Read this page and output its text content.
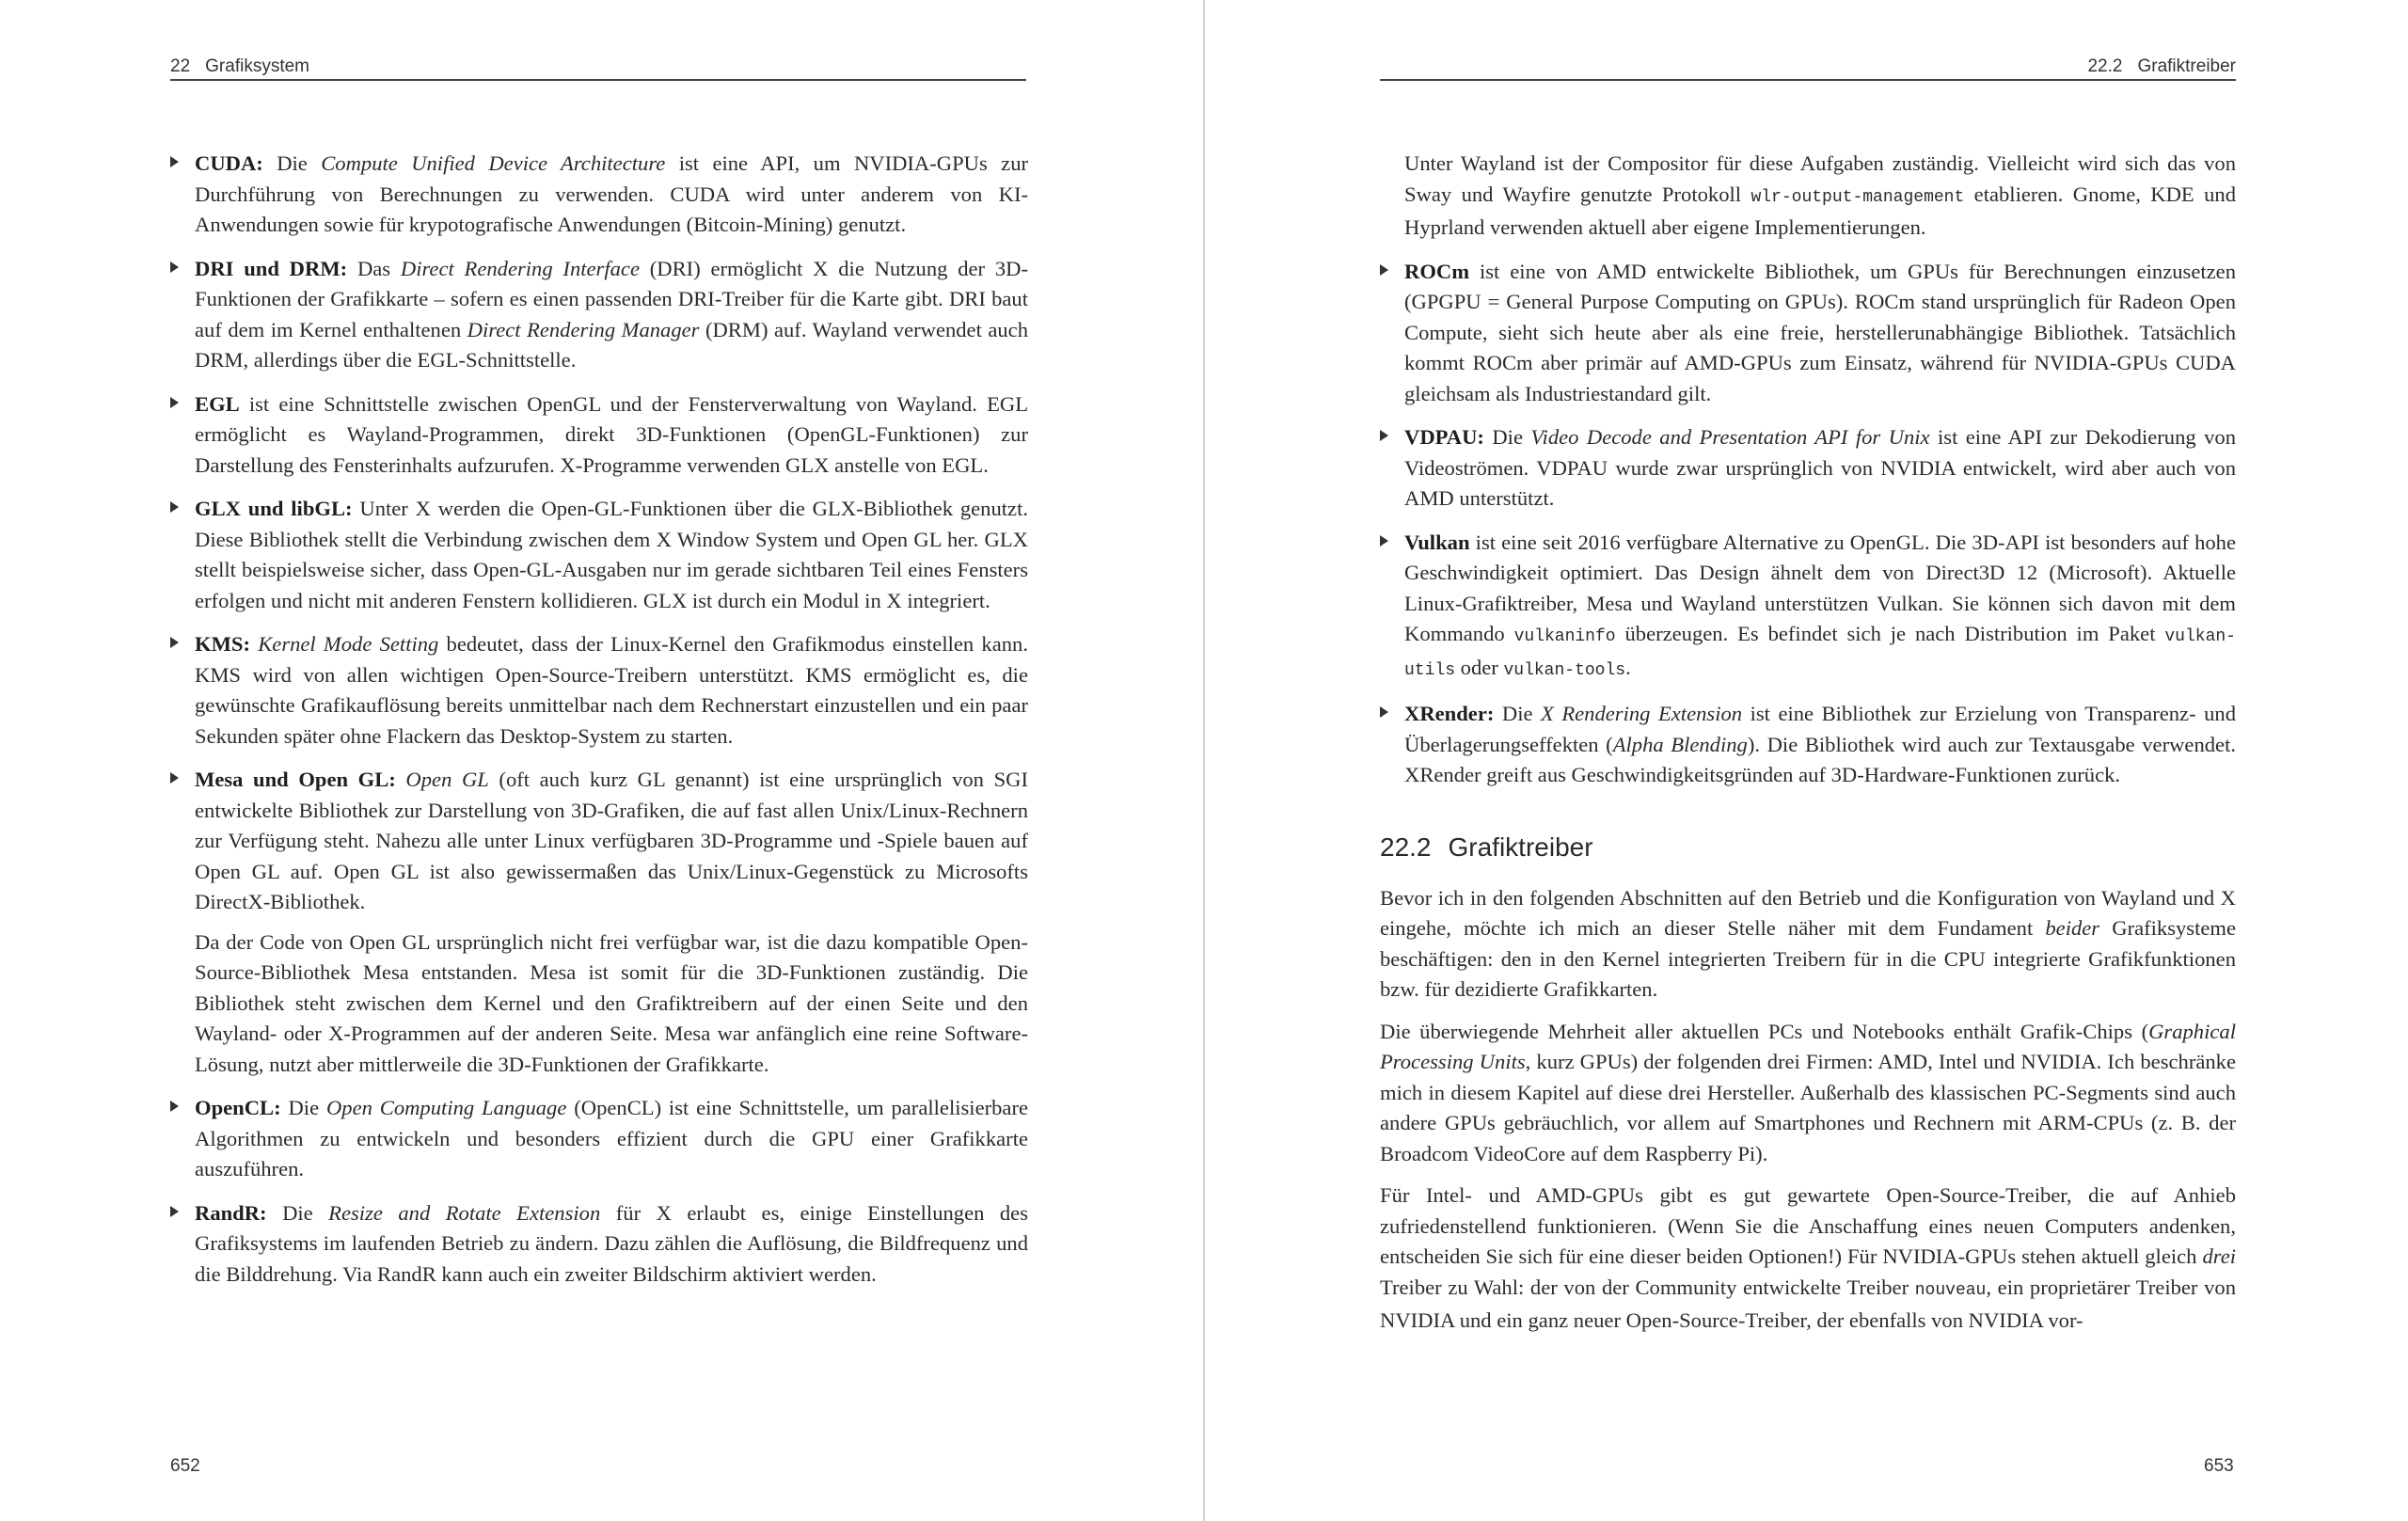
22 Grafiksystem

CUDA: Die Compute Unified Device Architecture ist eine API, um NVIDIA-GPUs zur Durchführung von Berechnungen zu verwenden. CUDA wird unter anderem von KI-Anwendungen sowie für krypotografische Anwendungen (Bitcoin-Mining) genutzt.

DRI und DRM: Das Direct Rendering Interface (DRI) ermöglicht X die Nutzung der 3D-Funktionen der Grafikkarte – sofern es einen passenden DRI-Treiber für die Karte gibt. DRI baut auf dem im Kernel enthaltenen Direct Rendering Manager (DRM) auf. Wayland verwendet auch DRM, allerdings über die EGL-Schnittstelle.

EGL ist eine Schnittstelle zwischen OpenGL und der Fensterverwaltung von Wayland. EGL ermöglicht es Wayland-Programmen, direkt 3D-Funktionen (OpenGL-Funktionen) zur Darstellung des Fensterinhalts aufzurufen. X-Programme verwenden GLX anstelle von EGL.

GLX und libGL: Unter X werden die Open-GL-Funktionen über die GLX-Bibliothek genutzt. Diese Bibliothek stellt die Verbindung zwischen dem X Window System und Open GL her. GLX stellt beispielsweise sicher, dass Open-GL-Ausgaben nur im gerade sichtbaren Teil eines Fensters erfolgen und nicht mit anderen Fenstern kollidieren. GLX ist durch ein Modul in X integriert.

KMS: Kernel Mode Setting bedeutet, dass der Linux-Kernel den Grafikmodus einstellen kann. KMS wird von allen wichtigen Open-Source-Treibern unterstützt. KMS ermöglicht es, die gewünschte Grafikauflösung bereits unmittelbar nach dem Rechnerstart einzustellen und ein paar Sekunden später ohne Flackern das Desktop-System zu starten.

Mesa und Open GL: Open GL (oft auch kurz GL genannt) ist eine ursprünglich von SGI entwickelte Bibliothek zur Darstellung von 3D-Grafiken, die auf fast allen Unix/Linux-Rechnern zur Verfügung steht. Nahezu alle unter Linux verfügbaren 3D-Programme und -Spiele bauen auf Open GL auf. Open GL ist also gewissermaßen das Unix/Linux-Gegenstück zu Microsofts DirectX-Bibliothek.

Da der Code von Open GL ursprünglich nicht frei verfügbar war, ist die dazu kompatible Open-Source-Bibliothek Mesa entstanden. Mesa ist somit für die 3D-Funktionen zuständig. Die Bibliothek steht zwischen dem Kernel und den Grafiktreibern auf der einen Seite und den Wayland- oder X-Programmen auf der anderen Seite. Mesa war anfänglich eine reine Software-Lösung, nutzt aber mittlerweile die 3D-Funktionen der Grafikkarte.

OpenCL: Die Open Computing Language (OpenCL) ist eine Schnittstelle, um parallelisierbare Algorithmen zu entwickeln und besonders effizient durch die GPU einer Grafikkarte auszuführen.

RandR: Die Resize and Rotate Extension für X erlaubt es, einige Einstellungen des Grafiksystems im laufenden Betrieb zu ändern. Dazu zählen die Auflösung, die Bildfrequenz und die Bilddrehung. Via RandR kann auch ein zweiter Bildschirm aktiviert werden.

652
22.2 Grafiktreiber

Unter Wayland ist der Compositor für diese Aufgaben zuständig. Vielleicht wird sich das von Sway und Wayfire genutzte Protokoll wlr-output-management etablieren. Gnome, KDE und Hyprland verwenden aktuell aber eigene Implementierungen.

ROCm ist eine von AMD entwickelte Bibliothek, um GPUs für Berechnungen einzusetzen (GPGPU = General Purpose Computing on GPUs). ROCm stand ursprünglich für Radeon Open Compute, sieht sich heute aber als eine freie, herstellerunabhängige Bibliothek. Tatsächlich kommt ROCm aber primär auf AMD-GPUs zum Einsatz, während für NVIDIA-GPUs CUDA gleichsam als Industriestandard gilt.

VDPAU: Die Video Decode and Presentation API for Unix ist eine API zur Dekodierung von Videoströmen. VDPAU wurde zwar ursprünglich von NVIDIA entwickelt, wird aber auch von AMD unterstützt.

Vulkan ist eine seit 2016 verfügbare Alternative zu OpenGL. Die 3D-API ist besonders auf hohe Geschwindigkeit optimiert. Das Design ähnelt dem von Direct3D 12 (Microsoft). Aktuelle Linux-Grafiktreiber, Mesa und Wayland unterstützen Vulkan. Sie können sich davon mit dem Kommando vulkaninfo überzeugen. Es befindet sich je nach Distribution im Paket vulkan-utils oder vulkan-tools.

XRender: Die X Rendering Extension ist eine Bibliothek zur Erzielung von Transparenz- und Überlagerungseffekten (Alpha Blending). Die Bibliothek wird auch zur Textausgabe verwendet. XRender greift aus Geschwindigkeitsgründen auf 3D-Hardware-Funktionen zurück.

22.2 Grafiktreiber

Bevor ich in den folgenden Abschnitten auf den Betrieb und die Konfiguration von Wayland und X eingehe, möchte ich mich an dieser Stelle näher mit dem Fundament beider Grafiksysteme beschäftigen: den in den Kernel integrierten Treibern für in die CPU integrierte Grafikfunktionen bzw. für dezidierte Grafikkarten.

Die überwiegende Mehrheit aller aktuellen PCs und Notebooks enthält Grafik-Chips (Graphical Processing Units, kurz GPUs) der folgenden drei Firmen: AMD, Intel und NVIDIA. Ich beschränke mich in diesem Kapitel auf diese drei Hersteller. Außerhalb des klassischen PC-Segments sind auch andere GPUs gebräuchlich, vor allem auf Smartphones und Rechnern mit ARM-CPUs (z. B. der Broadcom VideoCore auf dem Raspberry Pi).

Für Intel- und AMD-GPUs gibt es gut gewartete Open-Source-Treiber, die auf Anhieb zufriedenstellend funktionieren. (Wenn Sie die Anschaffung eines neuen Computers andenken, entscheiden Sie sich für eine dieser beiden Optionen!) Für NVIDIA-GPUs stehen aktuell gleich drei Treiber zu Wahl: der von der Community entwickelte Treiber nouveau, ein proprietärer Treiber von NVIDIA und ein ganz neuer Open-Source-Treiber, der ebenfalls von NVIDIA vor-

653
